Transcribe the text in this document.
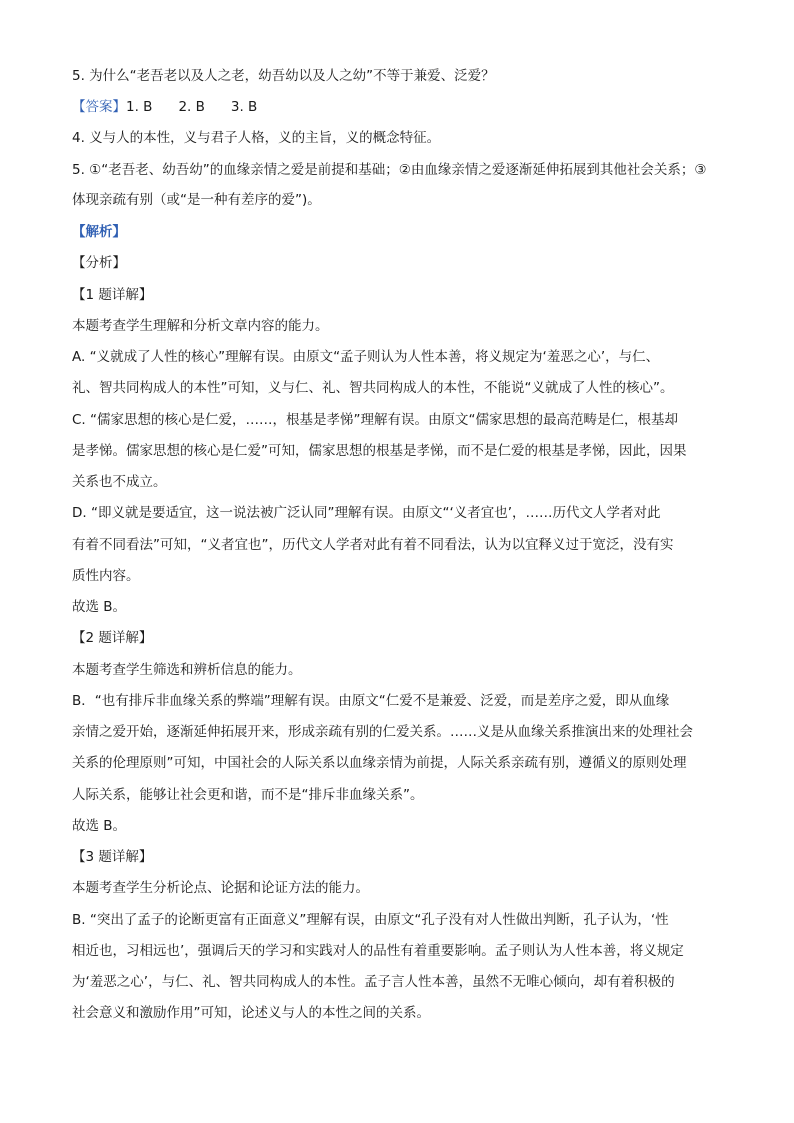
5. 为什么“老吾老以及人之老，幼吾幼以及人之幼”不等于兼爱、泛爱？
【答案】1. B 2. B 3. B
4. 义与人的本性，义与君子人格，义的主旨，义的概念特征。
5. ①“老吾老、幼吾幼”的血缘亲情之爱是前提和基础；②由血缘亲情之爱逐渐延伸拓展到其他社会关系；③
体现亲疏有别（或“是一种有差序的爱”)。
【解析】
【分析】
【1 题详解】
本题考查学生理解和分析文章内容的能力。
A. “义就成了人性的核心”理解有误。由原文“孟子则认为人性本善，将义规定为‘羞恶之心’，与仁、
礼、智共同构成人的本性”可知，义与仁、礼、智共同构成人的本性，不能说“义就成了人性的核心”。
C. “儒家思想的核心是仁爱，……，根基是孝悌”理解有误。由原文“儒家思想的最高范畴是仁，根基却
是孝悌。儒家思想的核心是仁爱”可知，儒家思想的根基是孝悌，而不是仁爱的根基是孝悌，因此，因果
关系也不成立。
D. “即义就是要适宜，这一说法被广泛认同”理解有误。由原文“‘义者宜也’，……历代文人学者对此
有着不同看法”可知，“义者宜也”，历代文人学者对此有着不同看法，认为以宜释义过于宽泛，没有实
质性内容。
故选 B。
【2 题详解】
本题考查学生筛选和辨析信息的能力。
B．“也有排斥非血缘关系的弊端”理解有误。由原文“仁爱不是兼爱、泛爱，而是差序之爱，即从血缘
亲情之爱开始，逐渐延伸拓展开来，形成亲疏有别的仁爱关系。……义是从血缘关系推演出来的处理社会
关系的伦理原则”可知，中国社会的人际关系以血缘亲情为前提，人际关系亲疏有别，遵循义的原则处理
人际关系，能够让社会更和谐，而不是“排斥非血缘关系”。
故选 B。
【3 题详解】
本题考查学生分析论点、论据和论证方法的能力。
B. “突出了孟子的论断更富有正面意义”理解有误，由原文“孔子没有对人性做出判断，孔子认为，‘性
相近也，习相远也’，强调后天的学习和实践对人的品性有着重要影响。孟子则认为人性本善，将义规定
为‘羞恶之心’，与仁、礼、智共同构成人的本性。孟子言人性本善，虽然不无唯心倾向，却有着积极的
社会意义和激励作用”可知，论述义与人的本性之间的关系。
